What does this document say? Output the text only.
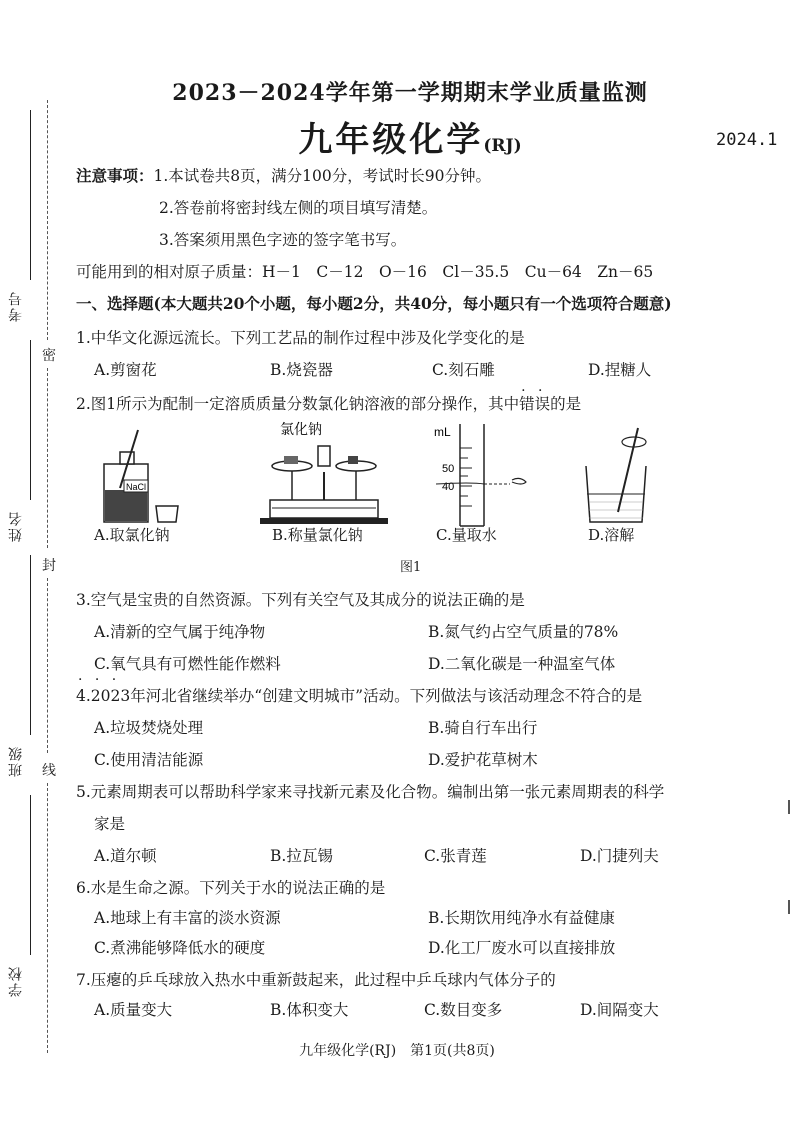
考号
姓名
班级
学校
密
封
线
2023－2024学年第一学期期末学业质量监测
九年级化学(RJ)	2024.1
注意事项：1.本试卷共8页，满分100分，考试时长90分钟。
2.答卷前将密封线左侧的项目填写清楚。
3.答案须用黑色字迹的签字笔书写。
可能用到的相对原子质量：H－1　C－12　O－16　Cl－35.5　Cu－64　Zn－65
一、选择题(本大题共20个小题，每小题2分，共40分，每小题只有一个选项符合题意)
1.中华文化源远流长。下列工艺品的制作过程中涉及化学变化的是
A.剪窗花	B.烧瓷器	C.刻石雕	D.捏糖人
2.图1所示为配制一定溶质质量分数氯化钠溶液的部分操作，其中错误 · ·的是
NaCl
氯化钠	mL
50
40
A.取氯化钠	B.称量氯化钠	C.量取水	D.溶解
图1
3.空气是宝贵的自然资源。下列有关空气及其成分的说法正确的是
A.清新的空气属于纯净物	B.氮气约占空气质量的78%
C.氧气具有可燃性能作燃料	D.二氧化碳是一种温室气体
4.2023年河北省继续举办“创建文明城市”活动。下列做法与该活动理念不符合 · · ·的是
A.垃圾焚烧处理	B.骑自行车出行
C.使用清洁能源	D.爱护花草树木
5.元素周期表可以帮助科学家来寻找新元素及化合物。编制出第一张元素周期表的科学
家是
A.道尔顿	B.拉瓦锡	C.张青莲	D.门捷列夫
6.水是生命之源。下列关于水的说法正确的是
A.地球上有丰富的淡水资源	B.长期饮用纯净水有益健康
C.煮沸能够降低水的硬度	D.化工厂废水可以直接排放
7.压瘪的乒乓球放入热水中重新鼓起来，此过程中乒乓球内气体分子的
A.质量变大	B.体积变大	C.数目变多	D.间隔变大
九年级化学(RJ)　第1页(共8页)
